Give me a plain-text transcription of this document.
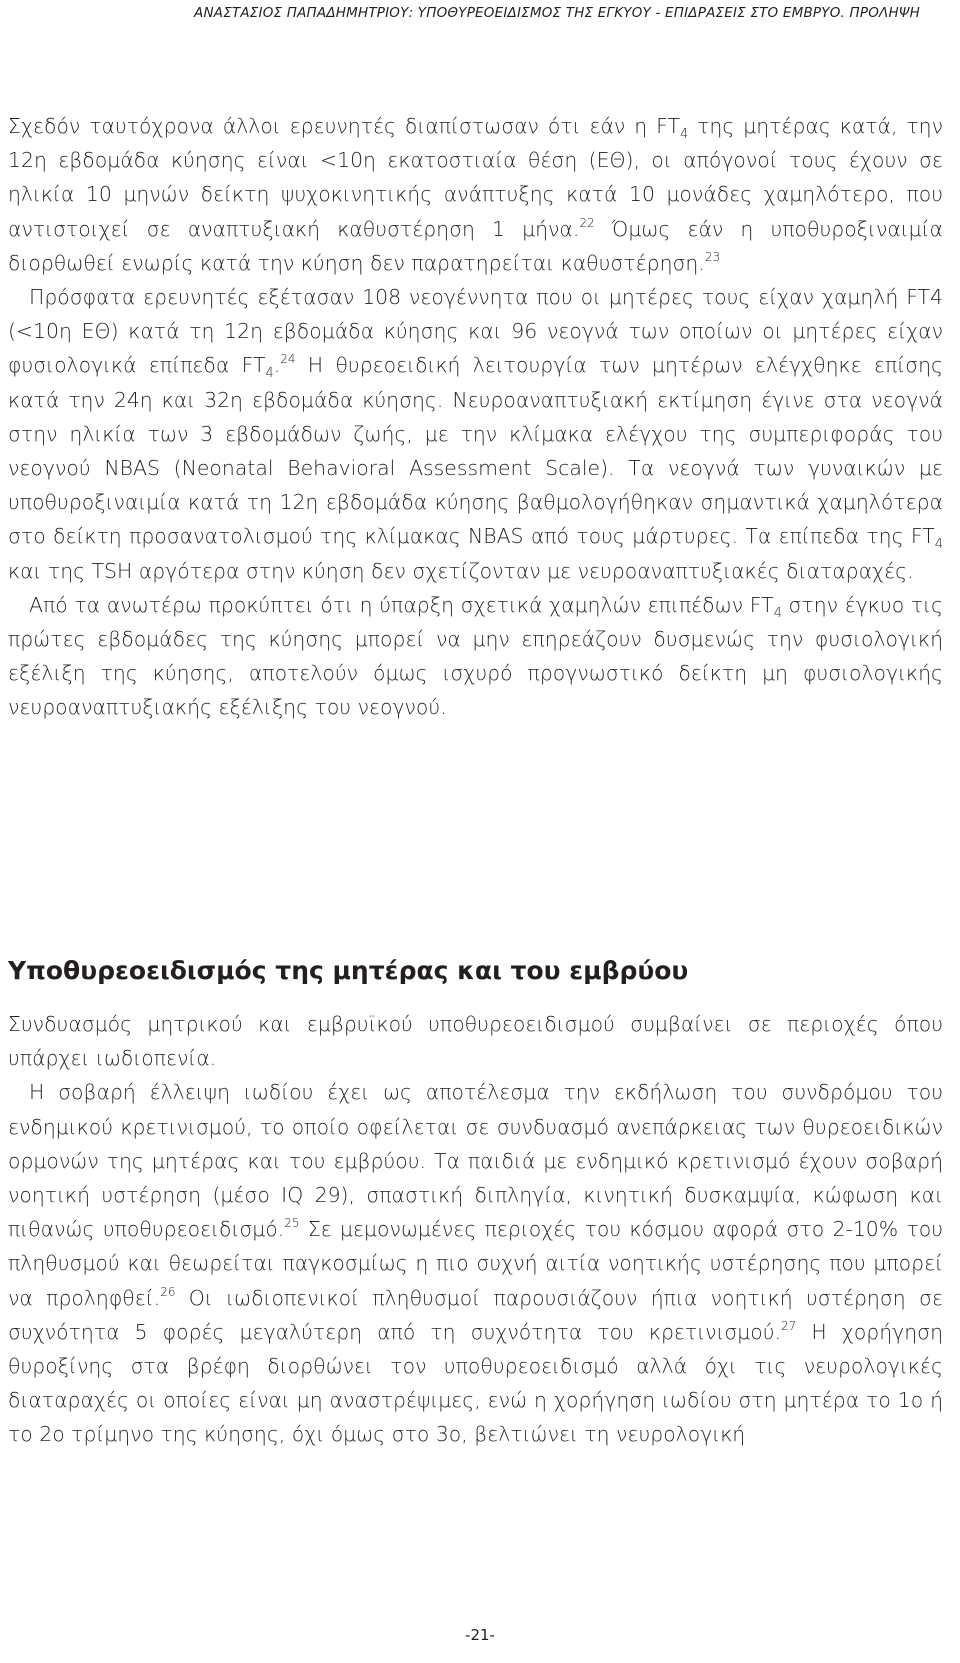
ΑΝΑΣΤΑΣΙΟΣ ΠΑΠΑΔΗΜΗΤΡΙΟΥ: ΥΠΟΘΥΡΕΟΕΙΔΙΣΜΟΣ ΤΗΣ ΕΓΚΥΟΥ - ΕΠΙΔΡΑΣΕΙΣ ΣΤΟ ΕΜΒΡΥΟ. ΠΡΟΛΗΨΗ

Σχεδόν ταυτόχρονα άλλοι ερευνητές διαπίστωσαν ότι εάν η $FT_4$ της μητέρας κατά, την 12η εβδομάδα κύησης είναι <10η εκατοστιαία θέση (ΕΘ), οι απόγονοί τους έχουν σε ηλικία 10 μηνών δείκτη ψυχοκινητικής ανάπτυξης κατά 10 μονάδες χαμηλότερο, που αντιστοιχεί σε αναπτυξιακή καθυστέρηση 1 μήνα.$^{22}$ Όμως εάν η υποθυροξιναιμία διορθωθεί ενωρίς κατά την κύηση δεν παρατηρείται καθυστέρηση.$^{23}$

Πρόσφατα ερευνητές εξέτασαν 108 νεογέννητα που οι μητέρες τους είχαν χαμηλή FT4 (<10η ΕΘ) κατά τη 12η εβδομάδα κύησης και 96 νεογνά των οποίων οι μητέρες είχαν φυσιολογικά επίπεδα $FT_4.^{24}$ Η θυρεοειδική λειτουργία των μητέρων ελέγχθηκε επίσης κατά την 24η και 32η εβδομάδα κύησης. Νευροαναπτυξιακή εκτίμηση έγινε στα νεογνά στην ηλικία των 3 εβδομάδων ζωής, με την κλίμακα ελέγχου της συμπεριφοράς του νεογνού NBAS (Neonatal Behavioral Assessment Scale). Τα νεογνά των γυναικών με υποθυροξιναιμία κατά τη 12η εβδομάδα κύησης βαθμολογήθηκαν σημαντικά χαμηλότερα στο δείκτη προσανατολισμού της κλίμακας NBAS από τους μάρτυρες. Τα επίπεδα της $FT_4$ και της TSH αργότερα στην κύηση δεν σχετίζονταν με νευροαναπτυξιακές διαταραχές.

Από τα ανωτέρω προκύπτει ότι η ύπαρξη σχετικά χαμηλών επιπέδων $FT_4$ στην έγκυο τις πρώτες εβδομάδες της κύησης μπορεί να μην επηρεάζουν δυσμενώς την φυσιολογική εξέλιξη της κύησης, αποτελούν όμως ισχυρό προγνωστικό δείκτη μη φυσιολογικής νευροαναπτυξιακής εξέλιξης του νεογνού.

Υποθυρεοειδισμός της μητέρας και του εμβρύου

Συνδυασμός μητρικού και εμβρυϊκού υποθυρεοειδισμού συμβαίνει σε περιοχές όπου υπάρχει ιωδιοπενία.

Η σοβαρή έλλειψη ιωδίου έχει ως αποτέλεσμα την εκδήλωση του συνδρόμου του ενδημικού κρετινισμού, το οποίο οφείλεται σε συνδυασμό ανεπάρκειας των θυρεοειδικών ορμονών της μητέρας και του εμβρύου. Τα παιδιά με ενδημικό κρετινισμό έχουν σοβαρή νοητική υστέρηση (μέσο IQ 29), σπαστική διπληγία, κινητική δυσκαμψία, κώφωση και πιθανώς υποθυρεοειδισμό.$^{25}$ Σε μεμονωμένες περιοχές του κόσμου αφορά στο 2-10% του πληθυσμού και θεωρείται παγκοσμίως η πιο συχνή αιτία νοητικής υστέρησης που μπορεί να προληφθεί.$^{26}$ Οι ιωδιοπενικοί πληθυσμοί παρουσιάζουν ήπια νοητική υστέρηση σε συχνότητα 5 φορές μεγαλύτερη από τη συχνότητα του κρετινισμού.$^{27}$ Η χορήγηση θυροξίνης στα βρέφη διορθώνει τον υποθυρεοειδισμό αλλά όχι τις νευρολογικές διαταραχές οι οποίες είναι μη αναστρέψιμες, ενώ η χορήγηση ιωδίου στη μητέρα το 1ο ή το 2ο τρίμηνο της κύησης, όχι όμως στο 3ο, βελτιώνει τη νευρολογική

-21-
